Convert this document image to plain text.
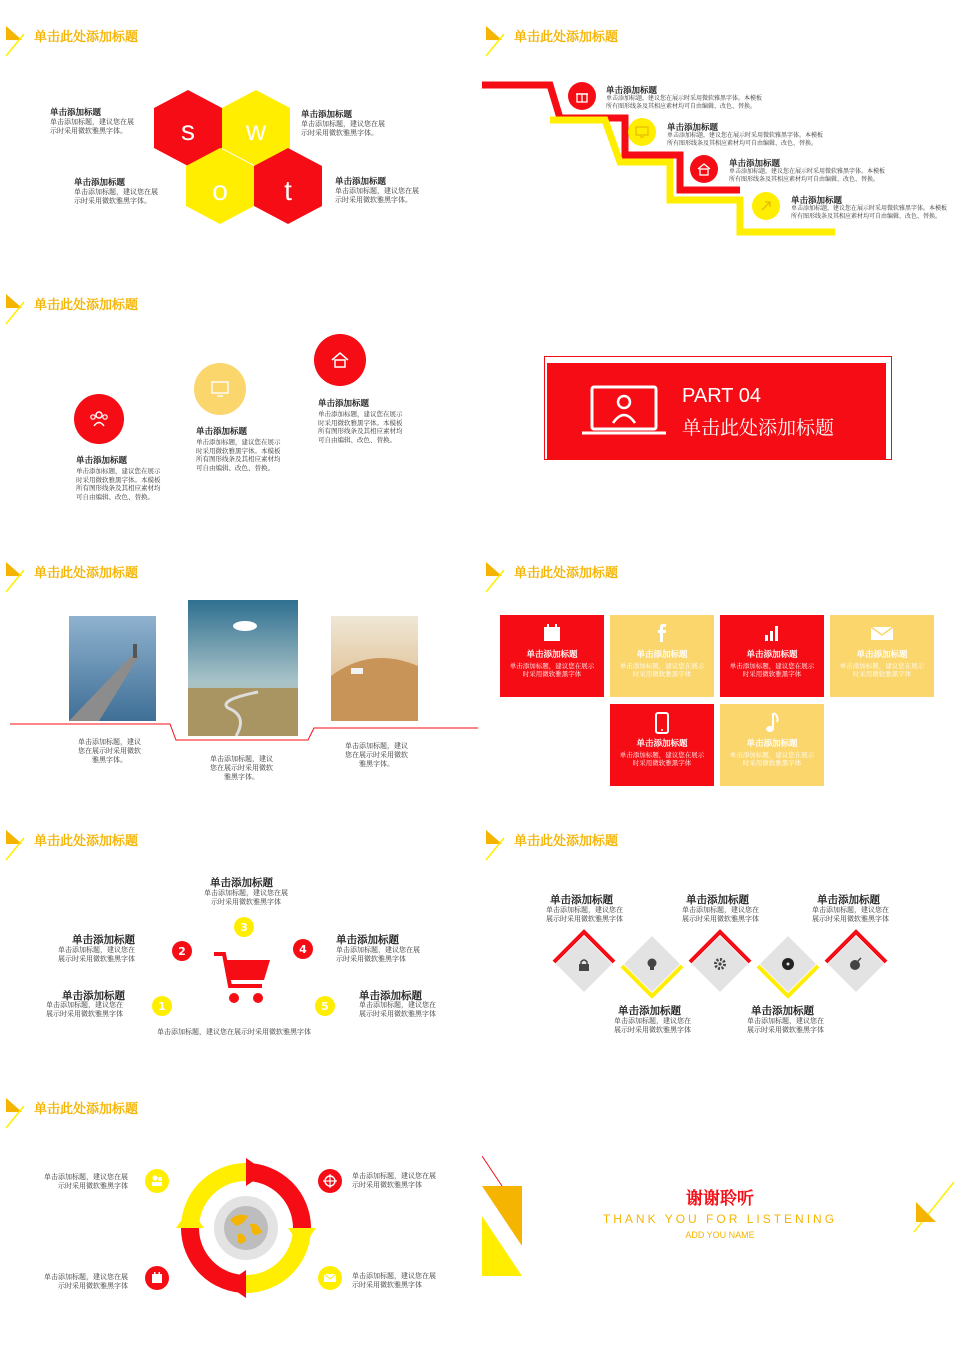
单击此处添加标题
s w
o t
单击添加标题
单击添加标题，建议您在展
示时采用微软雅黑字体。
单击添加标题
单击添加标题，建议您在展
示时采用微软雅黑字体。
单击添加标题
单击添加标题，建议您在展
示时采用微软雅黑字体。
单击添加标题
单击添加标题，建议您在展
示时采用微软雅黑字体。
单击此处添加标题
单击添加标题
单击添加标题，建议您在展示时采用微软雅黑字体。本模板
所有图形线条及其相应素材均可自由编辑、改色、替换。
单击添加标题
单击添加标题，建议您在展示时采用微软雅黑字体。本模板
所有图形线条及其相应素材均可自由编辑、改色、替换。
单击添加标题
单击添加标题，建议您在展示时采用微软雅黑字体。本模板
所有图形线条及其相应素材均可自由编辑、改色、替换。
单击添加标题
单击添加标题，建议您在展示时采用微软雅黑字体。本模板
所有图形线条及其相应素材均可自由编辑、改色、替换。
单击此处添加标题
单击添加标题
单击添加标题，建议您在展示
时采用微软雅黑字体。本模板
所有图形线条及其相应素材均
可自由编辑、改色、替换。
单击添加标题
单击添加标题，建议您在展示
时采用微软雅黑字体。本模板
所有图形线条及其相应素材均
可自由编辑、改色、替换。
单击添加标题
单击添加标题，建议您在展示
时采用微软雅黑字体。本模板
所有图形线条及其相应素材均
可自由编辑、改色、替换。
PART 04
单击此处添加标题
单击此处添加标题
单击添加标题，建议
您在展示时采用微软
雅黑字体。	单击添加标题，建议
您在展示时采用微软
雅黑字体。
单击添加标题，建议
您在展示时采用微软
雅黑字体。
单击此处添加标题
单击添加标题
单击添加标题，建议您在展示
时采用微软雅黑字体
单击添加标题
单击添加标题，建议您在展示
时采用微软雅黑字体
单击添加标题
单击添加标题，建议您在展示
时采用微软雅黑字体
单击添加标题
单击添加标题，建议您在展示
时采用微软雅黑字体
单击添加标题
单击添加标题，建议您在展示
时采用微软雅黑字体
单击添加标题
单击添加标题，建议您在展示
时采用微软雅黑字体
单击此处添加标题
1
2
3
4
5
单击添加标题
单击添加标题，建议您在展
示时采用微软雅黑字体
单击添加标题
单击添加标题，建议您在
展示时采用微软雅黑字体
单击添加标题
单击添加标题，建议您在展
示时采用微软雅黑字体
单击添加标题
单击添加标题，建议您在
展示时采用微软雅黑字体
单击添加标题
单击添加标题，建议您在
展示时采用微软雅黑字体
单击添加标题，建议您在展示时采用微软雅黑字体
单击此处添加标题
单击添加标题
单击添加标题，建议您在
展示时采用微软雅黑字体
单击添加标题
单击添加标题，建议您在
展示时采用微软雅黑字体
单击添加标题
单击添加标题，建议您在
展示时采用微软雅黑字体
单击添加标题
单击添加标题，建议您在
展示时采用微软雅黑字体
单击添加标题
单击添加标题，建议您在
展示时采用微软雅黑字体
单击此处添加标题
单击添加标题，建议您在展
示时采用微软雅黑字体
单击添加标题，建议您在展
示时采用微软雅黑字体
单击添加标题，建议您在展
示时采用微软雅黑字体
单击添加标题，建议您在展
示时采用微软雅黑字体
谢谢聆听
THANK YOU FOR LISTENING
ADD YOU NAME
